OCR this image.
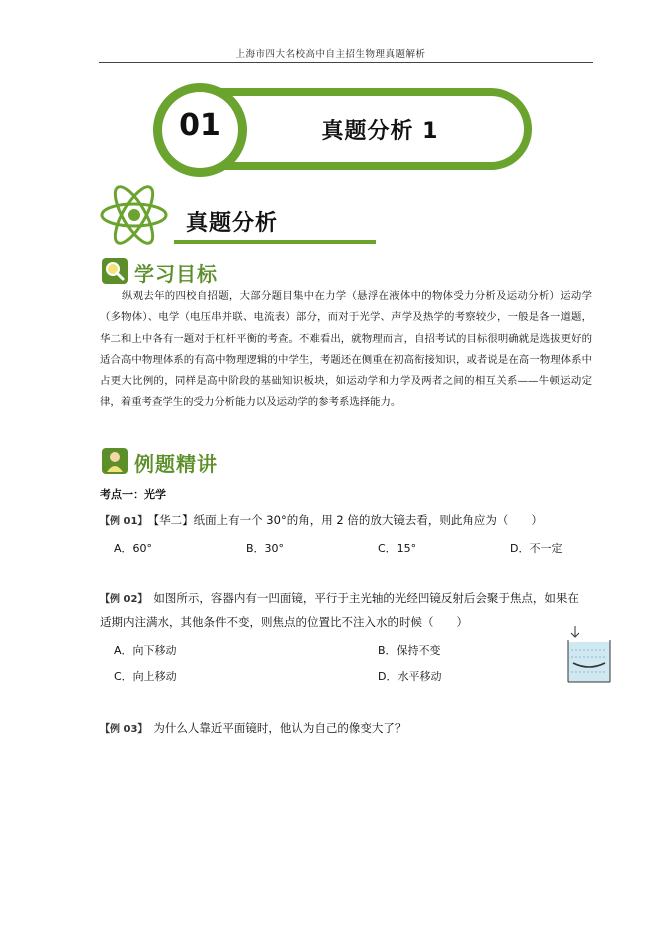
上海市四大名校高中自主招生物理真题解析
01	真题分析 1
真题分析
学习目标
纵观去年的四校自招题，大部分题目集中在力学（悬浮在液体中的物体受力分析及运动分析）运动学（多物体）、电学（电压串并联、电流表）部分，而对于光学、声学及热学的考察较少，一般是各一道题，华二和上中各有一题对于杠杆平衡的考查。不难看出，就物理而言，自招考试的目标很明确就是选拔更好的适合高中物理体系的有高中物理逻辑的中学生，考题还在侧重在初高衔接知识，或者说是在高一物理体系中占更大比例的，同样是高中阶段的基础知识板块，如运动学和力学及两者之间的相互关系——牛顿运动定律，着重考查学生的受力分析能力以及运动学的参考系选择能力。
例题精讲
考点一：光学
【例 01】 【华二】纸面上有一个 30°的角，用 2 倍的放大镜去看，则此角应为（　　）
A．60°	B．30°	C．15°	D．不一定
【例 02】 如图所示，容器内有一凹面镜，平行于主光轴的光经凹镜反射后会聚于焦点，如果在
适期内注满水，其他条件不变，则焦点的位置比不注入水的时候（　　）
A．向下移动	B．保持不变
C．向上移动	D．水平移动
【例 03】 为什么人靠近平面镜时，他认为自己的像变大了？
